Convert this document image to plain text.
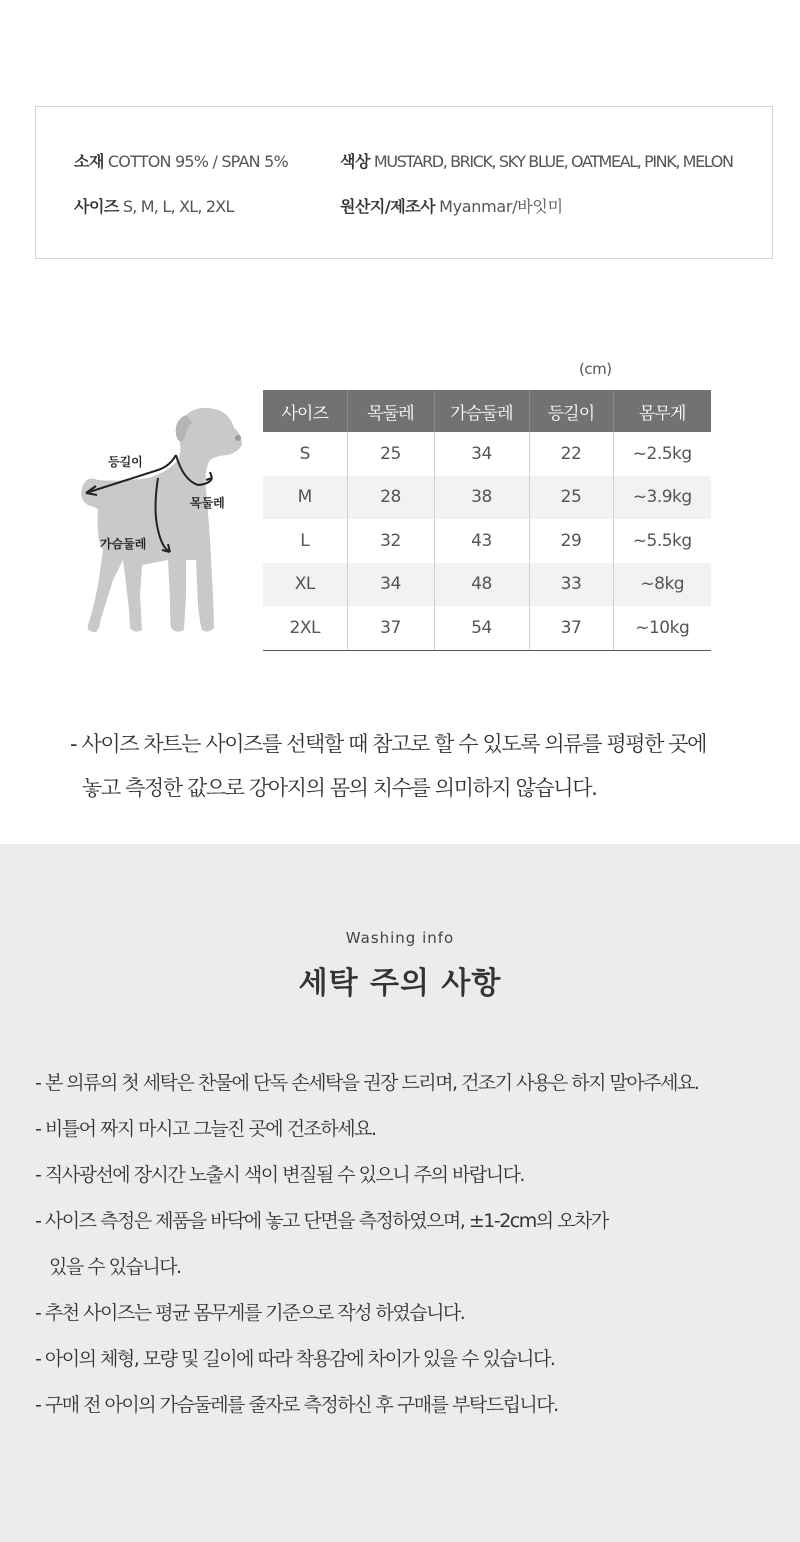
소재 COTTON 95% / SPAN 5%
사이즈 S, M, L, XL, 2XL
색상 MUSTARD, BRICK, SKY BLUE, OATMEAL, PINK, MELON
원산지/제조사 Myanmar/바잇미
등길이
목둘레
가슴둘레
(cm)
사이즈	목둘레	가슴둘레	등길이	몸무게
S	25	34	22	~2.5kg
M	28	38	25	~3.9kg
L	32	43	29	~5.5kg
XL	34	48	33	~8kg
2XL	37	54	37	~10kg
- 사이즈 차트는 사이즈를 선택할 때 참고로 할 수 있도록 의류를 평평한 곳에
놓고 측정한 값으로 강아지의 몸의 치수를 의미하지 않습니다.
Washing info
세탁 주의 사항
- 본 의류의 첫 세탁은 찬물에 단독 손세탁을 권장 드리며, 건조기 사용은 하지 말아주세요.
- 비틀어 짜지 마시고 그늘진 곳에 건조하세요.
- 직사광선에 장시간 노출시 색이 변질될 수 있으니 주의 바랍니다.
- 사이즈 측정은 제품을 바닥에 놓고 단면을 측정하였으며, ±1-2cm의 오차가
있을 수 있습니다.
- 추천 사이즈는 평균 몸무게를 기준으로 작성 하였습니다.
- 아이의 체형, 모량 및 길이에 따라 착용감에 차이가 있을 수 있습니다.
- 구매 전 아이의 가슴둘레를 줄자로 측정하신 후 구매를 부탁드립니다.
